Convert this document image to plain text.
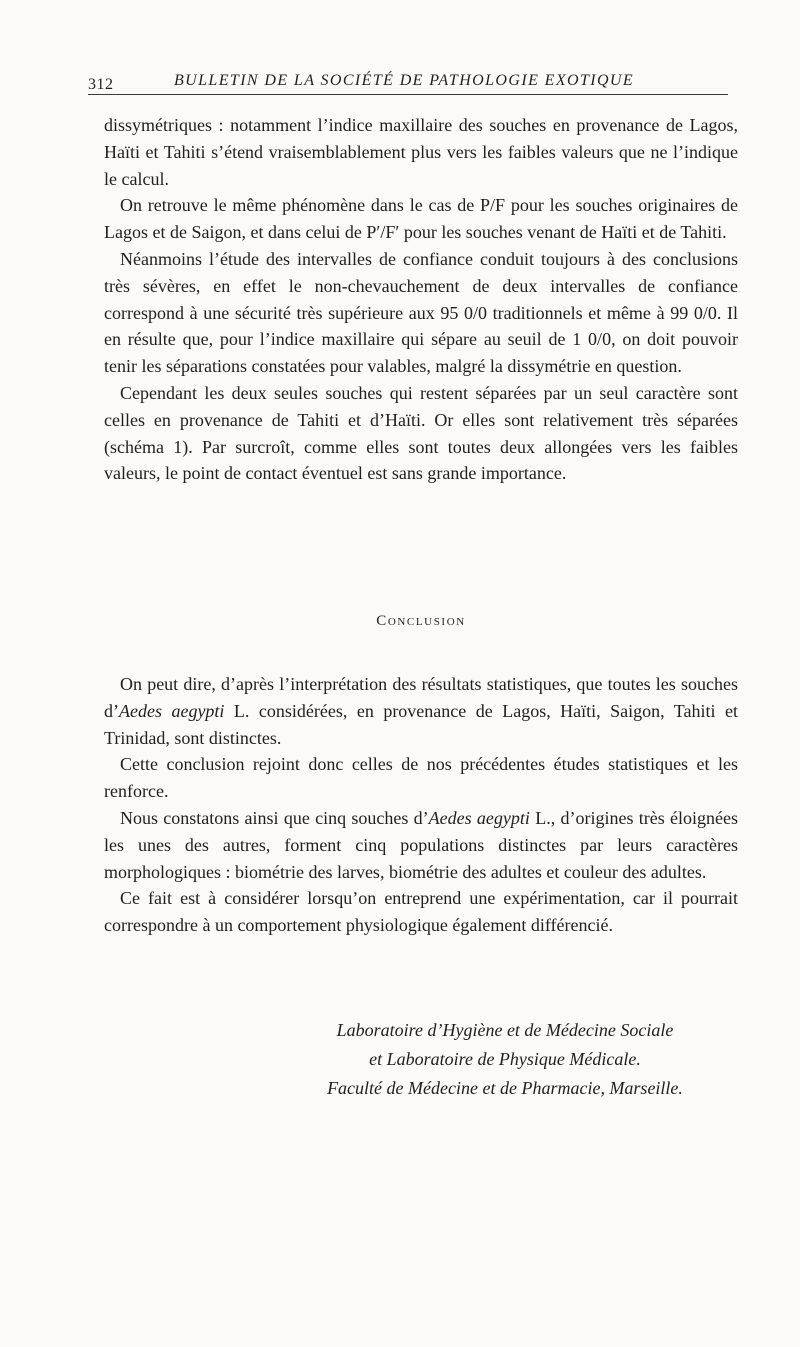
312	BULLETIN DE LA SOCIÉTÉ DE PATHOLOGIE EXOTIQUE

dissymétriques : notamment l’indice maxillaire des souches en provenance de Lagos, Haïti et Tahiti s’étend vraisemblablement plus vers les faibles valeurs que ne l’indique le calcul.

On retrouve le même phénomène dans le cas de P/F pour les souches originaires de Lagos et de Saigon, et dans celui de P′/F′ pour les souches venant de Haïti et de Tahiti.

Néanmoins l’étude des intervalles de confiance conduit toujours à des conclusions très sévères, en effet le non-chevauchement de deux intervalles de confiance correspond à une sécurité très supérieure aux 95 0/0 traditionnels et même à 99 0/0. Il en résulte que, pour l’indice maxillaire qui sépare au seuil de 1 0/0, on doit pouvoir tenir les séparations constatées pour valables, malgré la dissymétrie en question.

Cependant les deux seules souches qui restent séparées par un seul caractère sont celles en provenance de Tahiti et d’Haïti. Or elles sont relativement très séparées (schéma 1). Par surcroît, comme elles sont toutes deux allongées vers les faibles valeurs, le point de contact éventuel est sans grande importance.

Conclusion

On peut dire, d’après l’interprétation des résultats statistiques, que toutes les souches d’Aedes aegypti L. considérées, en provenance de Lagos, Haïti, Saigon, Tahiti et Trinidad, sont distinctes.

Cette conclusion rejoint donc celles de nos précédentes études statistiques et les renforce.

Nous constatons ainsi que cinq souches d’Aedes aegypti L., d’origines très éloignées les unes des autres, forment cinq populations distinctes par leurs caractères morphologiques : biométrie des larves, biométrie des adultes et couleur des adultes.

Ce fait est à considérer lorsqu’on entreprend une expérimentation, car il pourrait correspondre à un comportement physiologique également différencié.

Laboratoire d’Hygiène et de Médecine Sociale
et Laboratoire de Physique Médicale.
Faculté de Médecine et de Pharmacie, Marseille.
